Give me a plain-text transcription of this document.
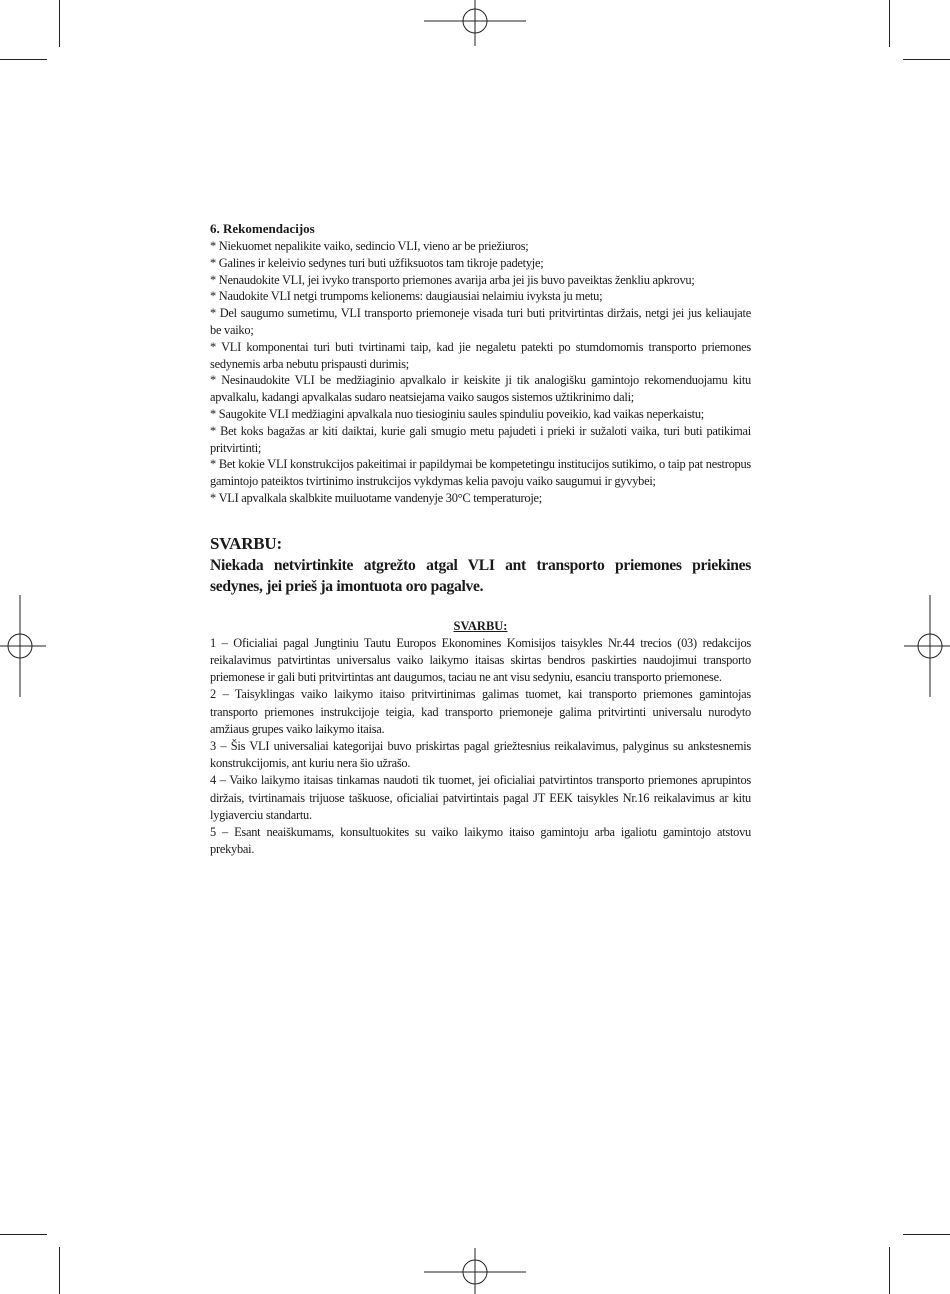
6. Rekomendacijos

* Niekuomet nepalikite vaiko, sedincio VLI, vieno ar be priežiuros;
* Galines ir keleivio sedynes turi buti užfiksuotos tam tikroje padetyje;
* Nenaudokite VLI, jei ivyko transporto priemones avarija arba jei jis buvo paveiktas ženkliu apkrovu;
* Naudokite VLI netgi trumpoms kelionems: daugiausiai nelaimiu ivyksta ju metu;
* Del saugumo sumetimu, VLI transporto priemoneje visada turi buti pritvirtintas diržais, netgi jei jus keliaujate be vaiko;
* VLI komponentai turi buti tvirtinami taip, kad jie negaletu patekti po stumdomomis transporto priemones sedynemis arba nebutu prispausti durimis;
* Nesinaudokite VLI be medžiaginio apvalkalo ir keiskite ji tik analogišku gamintojo rekomenduojamu kitu apvalkalu, kadangi apvalkalas sudaro neatsiejama vaiko saugos sistemos užtikrinimo dali;
* Saugokite VLI medžiagini apvalkala nuo tiesioginiu saules spinduliu poveikio, kad vaikas neperkaistu;
* Bet koks bagažas ar kiti daiktai, kurie gali smugio metu pajudeti i prieki ir sužaloti vaika, turi buti patikimai pritvirtinti;
* Bet kokie VLI konstrukcijos pakeitimai ir papildymai be kompetetingu institucijos sutikimo, o taip pat nestropus gamintojo pateiktos tvirtinimo instrukcijos vykdymas kelia pavoju vaiko saugumui ir gyvybei;
* VLI apvalkala skalbkite muiluotame vandenyje 30°C temperaturoje;

SVARBU:

Niekada netvirtinkite atgrežto atgal VLI ant transporto priemones priekines sedynes, jei prieš ja imontuota oro pagalve.

SVARBU:

1 – Oficialiai pagal Jungtiniu Tautu Europos Ekonomines Komisijos taisykles Nr.44 trecios (03) redakcijos reikalavimus patvirtintas universalus vaiko laikymo itaisas skirtas bendros paskirties naudojimui transporto priemonese ir gali buti pritvirtintas ant daugumos, taciau ne ant visu sedyniu, esanciu transporto priemonese.
2 – Taisyklingas vaiko laikymo itaiso pritvirtinimas galimas tuomet, kai transporto priemones gamintojas transporto priemones instrukcijoje teigia, kad transporto priemoneje galima pritvirtinti universalu nurodyto amžiaus grupes vaiko laikymo itaisa.
3 – Šis VLI universaliai kategorijai buvo priskirtas pagal griežtesnius reikalavimus, palyginus su ankstesnemis konstrukcijomis, ant kuriu nera šio užrašo.
4 – Vaiko laikymo itaisas tinkamas naudoti tik tuomet, jei oficialiai patvirtintos transporto priemones aprupintos diržais, tvirtinamais trijuose taškuose, oficialiai patvirtintais pagal JT EEK taisykles Nr.16 reikalavimus ar kitu lygiaverciu standartu.
5 – Esant neaiškumams, konsultuokites su vaiko laikymo itaiso gamintoju arba igaliotu gamintojo atstovu prekybai.
